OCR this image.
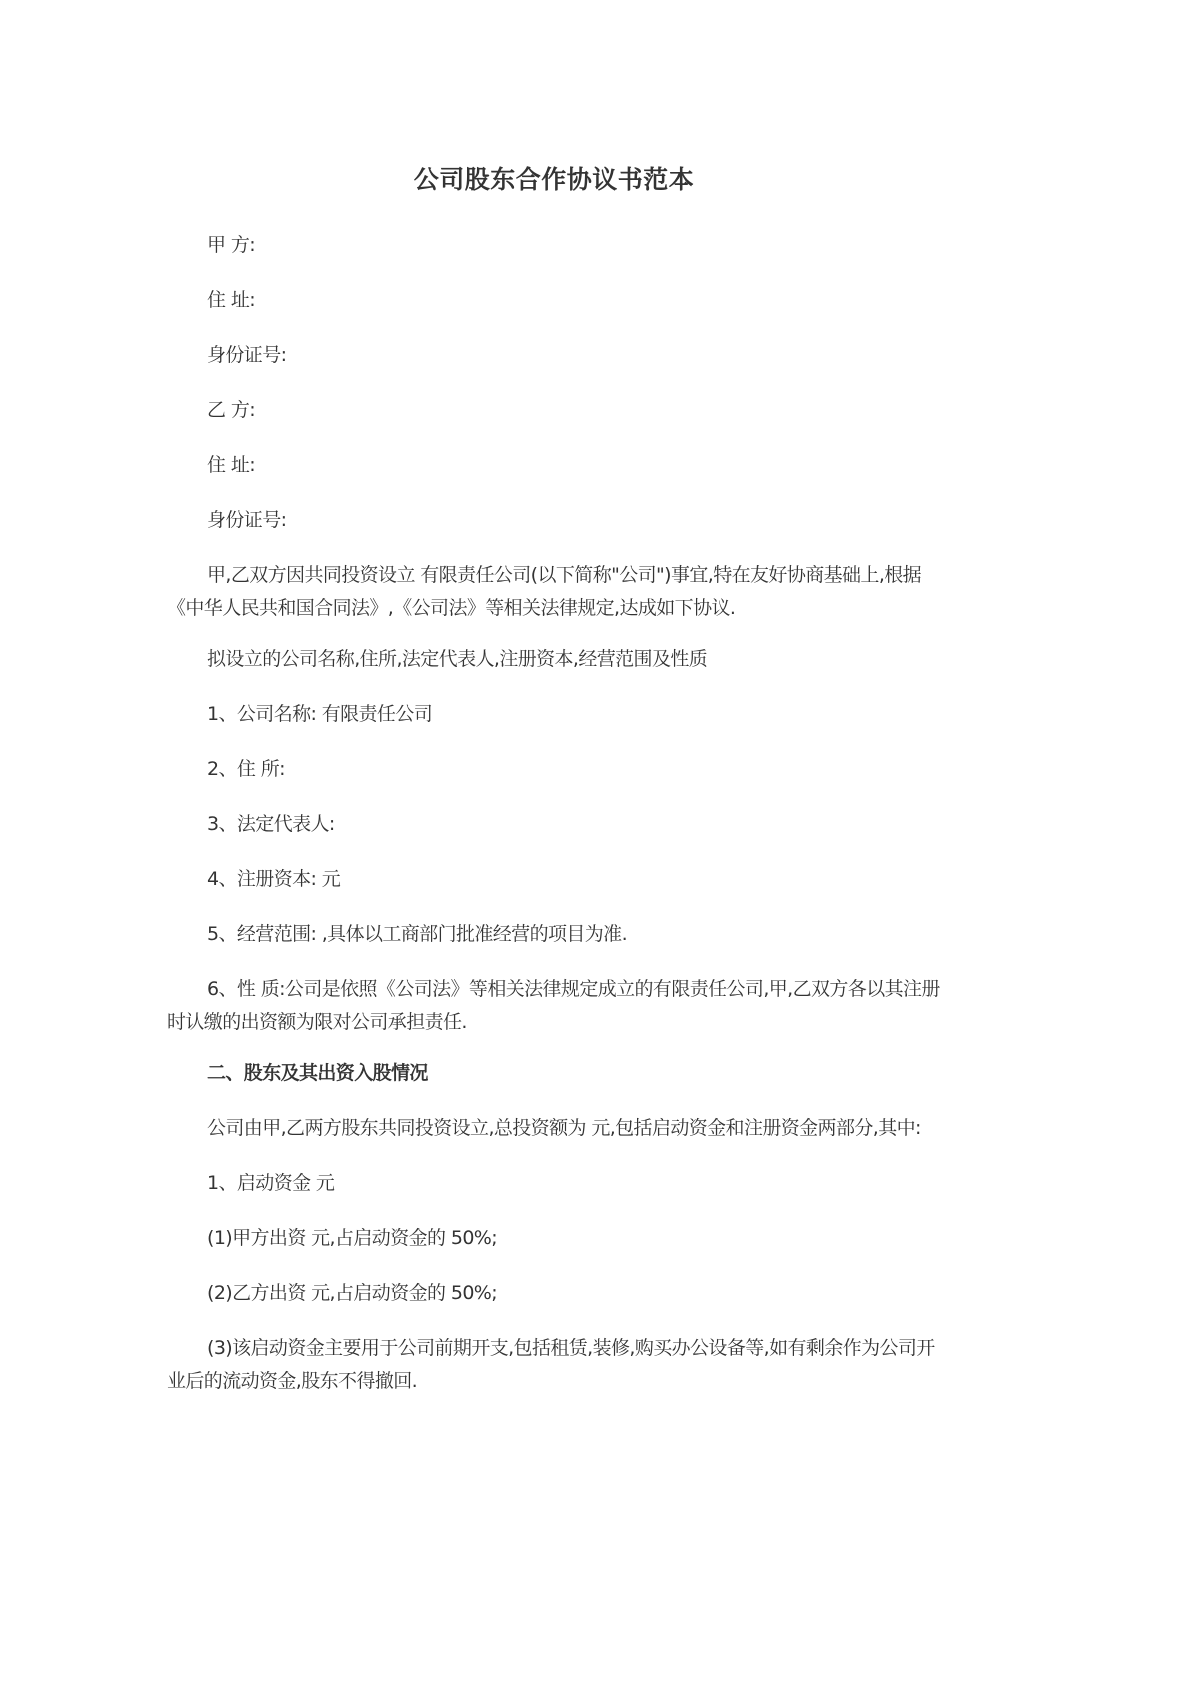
公司股东合作协议书范本
甲 方:
住 址:
身份证号:
乙 方:
住 址:
身份证号:
甲,乙双方因共同投资设立 有限责任公司(以下简称"公司")事宜,特在友好协商基础上,根据《中华人民共和国合同法》,《公司法》等相关法律规定,达成如下协议.
拟设立的公司名称,住所,法定代表人,注册资本,经营范围及性质
1、公司名称: 有限责任公司
2、住 所:
3、法定代表人:
4、注册资本: 元
5、经营范围: ,具体以工商部门批准经营的项目为准.
6、性 质:公司是依照《公司法》等相关法律规定成立的有限责任公司,甲,乙双方各以其注册时认缴的出资额为限对公司承担责任.
二、股东及其出资入股情况
公司由甲,乙两方股东共同投资设立,总投资额为 元,包括启动资金和注册资金两部分,其中:
1、启动资金 元
(1)甲方出资 元,占启动资金的 50%;
(2)乙方出资 元,占启动资金的 50%;
(3)该启动资金主要用于公司前期开支,包括租赁,装修,购买办公设备等,如有剩余作为公司开业后的流动资金,股东不得撤回.
